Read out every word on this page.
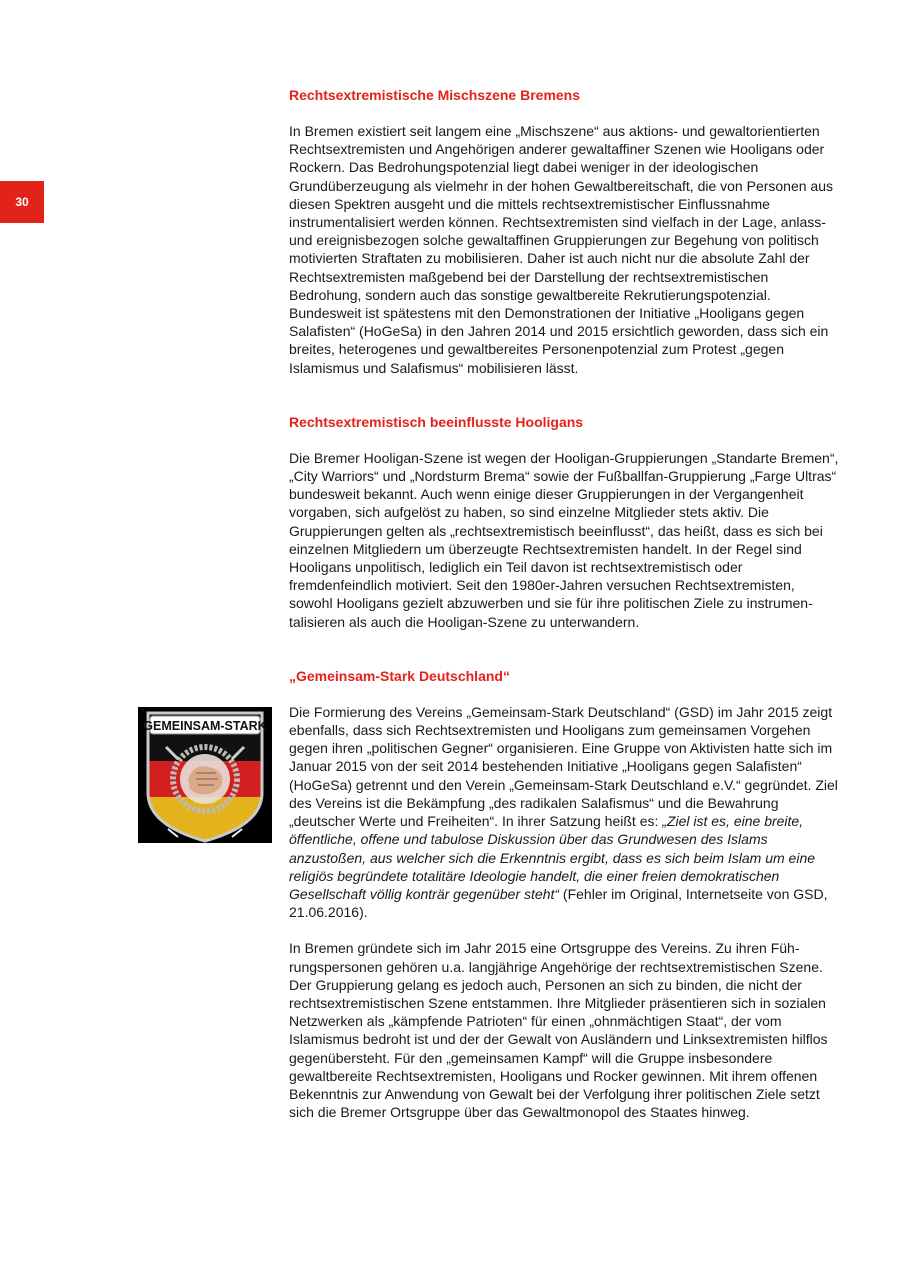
30
GEMEINSAM-STARK
Rechtsextremistische Mischszene Bremens

In Bremen existiert seit langem eine „Mischszene“ aus aktions- und gewaltorientierten Rechtsextremisten und Angehörigen anderer gewaltaffiner Szenen wie Hooligans oder Rockern. Das Bedrohungspotenzial liegt dabei weniger in der ideologischen Grundüberzeugung als vielmehr in der hohen Gewaltbereitschaft, die von Personen aus diesen Spektren ausgeht und die mittels rechtsextremistischer Einflussnahme instrumentalisiert werden können. Rechtsextremisten sind vielfach in der Lage, anlass- und ereignisbezogen solche gewaltaffinen Gruppierungen zur Begehung von politisch motivierten Straftaten zu mobilisieren. Daher ist auch nicht nur die absolute Zahl der Rechtsextremisten maßgebend bei der Darstellung der rechtsextremistischen Bedrohung, sondern auch das sonstige gewaltbereite Rekrutierungspotenzial. Bundesweit ist spätestens mit den Demonstrationen der Initiative „Hooligans gegen Salafisten“ (HoGeSa) in den Jahren 2014 und 2015 ersichtlich geworden, dass sich ein breites, heterogenes und gewaltbereites Personenpotenzial zum Protest „gegen Islamismus und Salafismus“ mobilisieren lässt.

Rechtsextremistisch beeinflusste Hooligans

Die Bremer Hooligan-Szene ist wegen der Hooligan-Gruppierungen „Standarte Bremen“, „City Warriors“ und „Nordsturm Brema“ sowie der Fußballfan-Gruppierung „Farge Ultras“ bundesweit bekannt. Auch wenn einige dieser Gruppierungen in der Vergangenheit vorgaben, sich aufgelöst zu haben, so sind einzelne Mitglieder stets aktiv. Die Gruppierungen gelten als „rechtsextremistisch beeinflusst“, das heißt, dass es sich bei einzelnen Mitgliedern um überzeugte Rechtsextremisten handelt. In der Regel sind Hooligans unpolitisch, lediglich ein Teil davon ist rechtsextremistisch oder fremdenfeindlich motiviert. Seit den 1980er-Jahren versuchen Rechtsextremisten, sowohl Hooligans gezielt abzuwerben und sie für ihre politischen Ziele zu instrumentalisieren als auch die Hooligan-Szene zu unterwandern.

„Gemeinsam-Stark Deutschland“

Die Formierung des Vereins „Gemeinsam-Stark Deutschland“ (GSD) im Jahr 2015 zeigt ebenfalls, dass sich Rechtsextremisten und Hooligans zum gemeinsamen Vorgehen gegen ihren „politischen Gegner“ organisieren. Eine Gruppe von Aktivisten hatte sich im Januar 2015 von der seit 2014 bestehenden Initiative „Hooligans gegen Salafisten“ (HoGeSa) getrennt und den Verein „Gemeinsam-Stark Deutschland e.V.“ gegründet. Ziel des Vereins ist die Bekämpfung „des radikalen Salafismus“ und die Bewahrung „deutscher Werte und Freiheiten“. In ihrer Satzung heißt es: „Ziel ist es, eine breite, öffentliche, offene und tabulose Diskussion über das Grundwesen des Islams anzustoßen, aus welcher sich die Erkenntnis ergibt, dass es sich beim Islam um eine religiös begründete totalitäre Ideologie handelt, die einer freien demokratischen Gesellschaft völlig konträr gegenüber steht“ (Fehler im Original, Internetseite von GSD, 21.06.2016).

In Bremen gründete sich im Jahr 2015 eine Ortsgruppe des Vereins. Zu ihren Führungspersonen gehören u.a. langjährige Angehörige der rechtsextremistischen Szene. Der Gruppierung gelang es jedoch auch, Personen an sich zu binden, die nicht der rechtsextremistischen Szene entstammen. Ihre Mitglieder präsentieren sich in sozialen Netzwerken als „kämpfende Patrioten“ für einen „ohnmächtigen Staat“, der vom Islamismus bedroht ist und der der Gewalt von Ausländern und Linksextremisten hilflos gegenübersteht. Für den „gemeinsamen Kampf“ will die Gruppe insbesondere gewaltbereite Rechtsextremisten, Hooligans und Rocker gewinnen. Mit ihrem offenen Bekenntnis zur Anwendung von Gewalt bei der Verfolgung ihrer politischen Ziele setzt sich die Bremer Ortsgruppe über das Gewaltmonopol des Staates hinweg.
